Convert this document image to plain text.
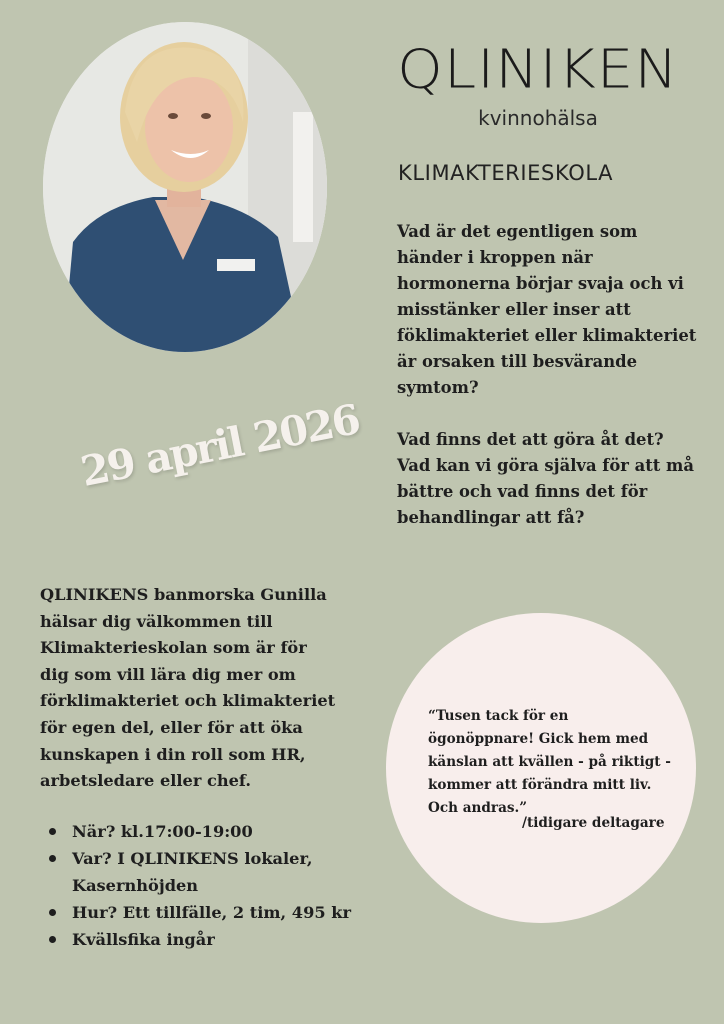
QLINIKEN
kvinnohälsa
KLIMAKTERIESKOLA

Vad är det egentligen som händer i kroppen när hormonerna börjar svaja och vi misstänker eller inser att föklimakteriet eller klimakteriet är orsaken till besvärande symtom?

Vad finns det att göra åt det? Vad kan vi göra själva för att må bättre och vad finns det för behandlingar att få?

29 april 2026

QLINIKENS banmorska Gunilla hälsar dig välkommen till Klimakterieskolan som är för dig som vill lära dig mer om förklimakteriet och klimakteriet för egen del, eller för att öka kunskapen i din roll som HR, arbetsledare eller chef.

När? kl.17:00-19:00
Var? I QLINIKENS lokaler, Kasernhöjden
Hur? Ett tillfälle, 2 tim, 495 kr
Kvällsfika ingår

“Tusen tack för en ögonöppnare! Gick hem med känslan att kvällen - på riktigt - kommer att förändra mitt liv. Och andras.”

/tidigare deltagare
